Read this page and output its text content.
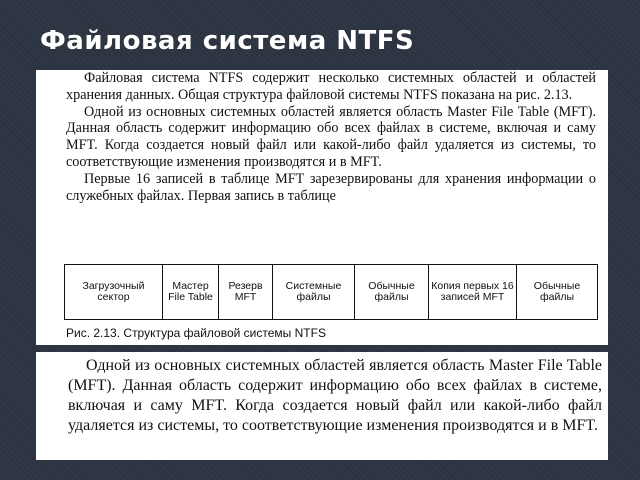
Файловая система NTFS

Файловая система NTFS содержит несколько системных областей и областей хранения данных. Общая структура файловой системы NTFS показана на рис. 2.13.

Одной из основных системных областей является область Master File Table (MFT). Данная область содержит информацию обо всех файлах в системе, включая и саму MFT. Когда создается новый файл или какой-либо файл удаляется из системы, то соответствующие изменения производятся и в MFT.

Первые 16 записей в таблице MFT зарезервированы для хранения информации о служебных файлах. Первая запись в таблице

Загрузочный сектор
Мастер File Table
Резерв MFT
Системные файлы
Обычные файлы
Копия первых 16 записей MFT
Обычные файлы
Рис. 2.13. Структура файловой системы NTFS

Одной из основных системных областей является область Master File Table (MFT). Данная область содержит информацию обо всех файлах в системе, включая и саму MFT. Когда создается новый файл или какой-либо файл удаляется из системы, то соответствующие изменения производятся и в MFT.
